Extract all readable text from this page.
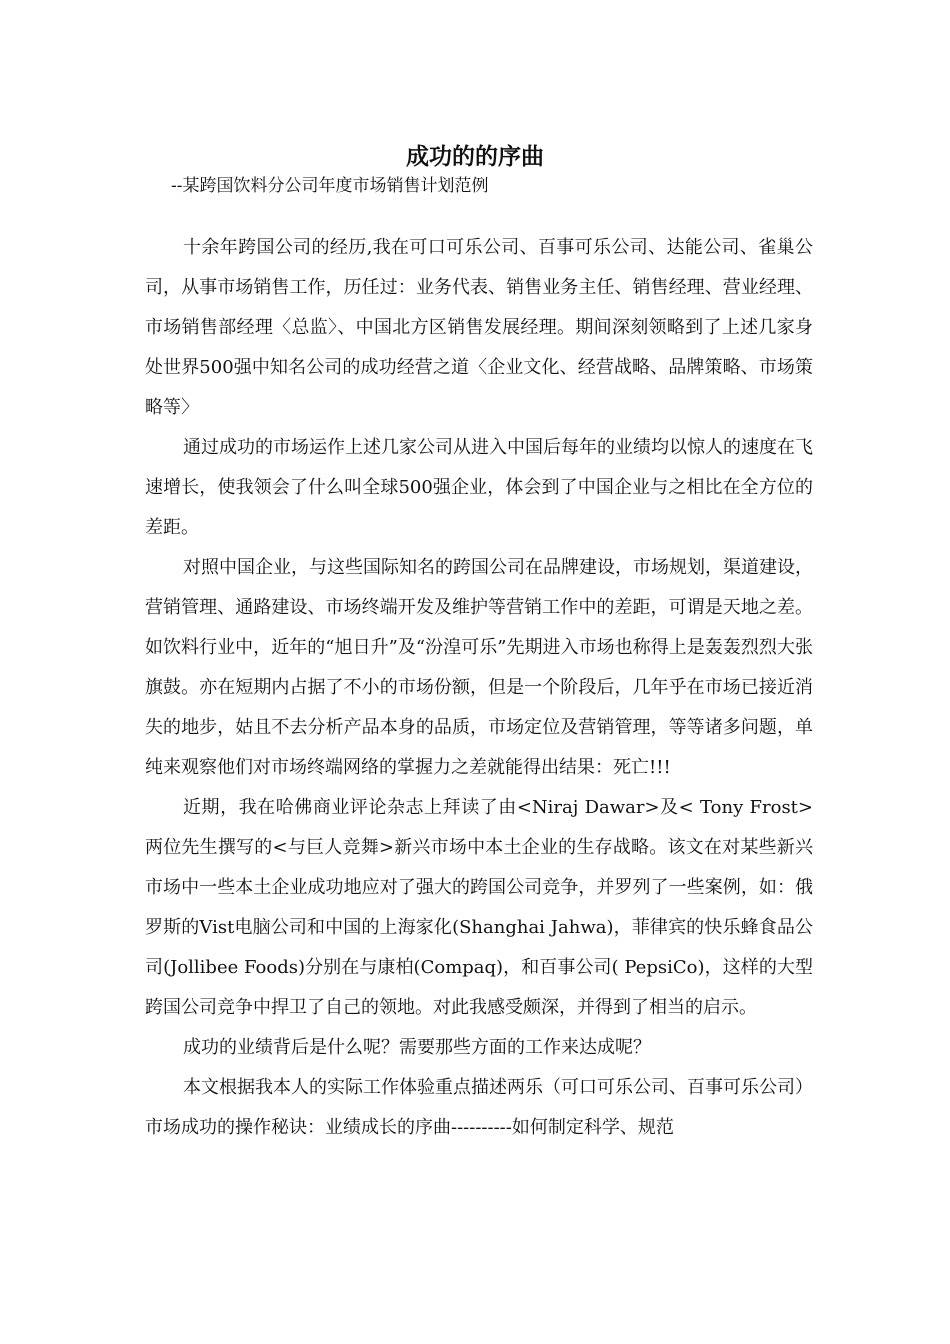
成功的的序曲

--某跨国饮料分公司年度市场销售计划范例

十余年跨国公司的经历,我在可口可乐公司、百事可乐公司、达能公司、雀巢公司，从事市场销售工作，历任过：业务代表、销售业务主任、销售经理、营业经理、市场销售部经理〈总监〉、中国北方区销售发展经理。期间深刻领略到了上述几家身处世界500强中知名公司的成功经营之道〈企业文化、经营战略、品牌策略、市场策略等〉

通过成功的市场运作上述几家公司从进入中国后每年的业绩均以惊人的速度在飞速增长，使我领会了什么叫全球500强企业，体会到了中国企业与之相比在全方位的差距。

对照中国企业，与这些国际知名的跨国公司在品牌建设，市场规划，渠道建设，营销管理、通路建设、市场终端开发及维护等营销工作中的差距，可谓是天地之差。如饮料行业中，近年的“旭日升”及“汾湟可乐”先期进入市场也称得上是轰轰烈烈大张旗鼓。亦在短期内占据了不小的市场份额，但是一个阶段后，几年乎在市场已接近消失的地步，姑且不去分析产品本身的品质，市场定位及营销管理，等等诸多问题，单纯来观察他们对市场终端网络的掌握力之差就能得出结果：死亡!!!

近期，我在哈佛商业评论杂志上拜读了由<Niraj Dawar>及< Tony Frost>两位先生撰写的<与巨人竞舞>新兴市场中本土企业的生存战略。该文在对某些新兴市场中一些本土企业成功地应对了强大的跨国公司竞争，并罗列了一些案例，如：俄罗斯的Vist电脑公司和中国的上海家化(Shanghai Jahwa)，菲律宾的快乐蜂食品公司(Jollibee Foods)分别在与康柏(Compaq)，和百事公司( PepsiCo)，这样的大型跨国公司竞争中捍卫了自己的领地。对此我感受颇深，并得到了相当的启示。

成功的业绩背后是什么呢？需要那些方面的工作来达成呢？

本文根据我本人的实际工作体验重点描述两乐（可口可乐公司、百事可乐公司）市场成功的操作秘诀：业绩成长的序曲----------如何制定科学、规范
